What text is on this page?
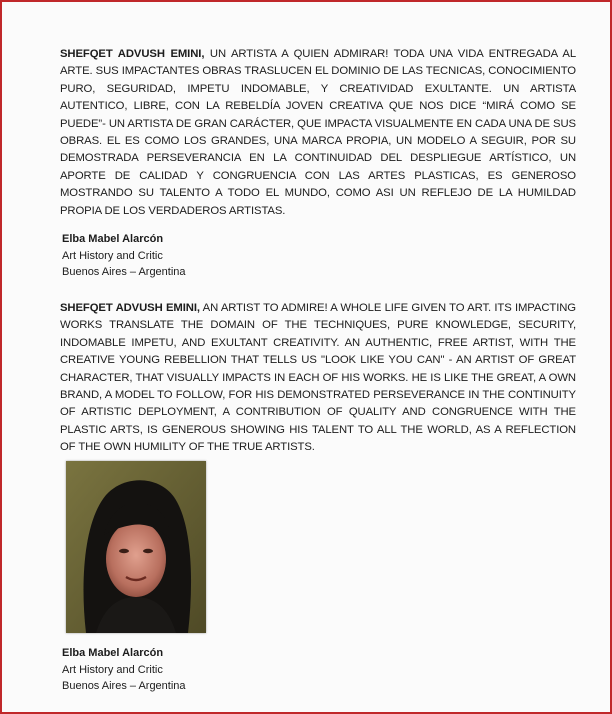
SHEFQET ADVUSH EMINI, UN ARTISTA A QUIEN ADMIRAR! TODA UNA VIDA ENTREGADA AL ARTE. SUS IMPACTANTES OBRAS TRASLUCEN EL DOMINIO DE LAS TECNICAS, CONOCIMIENTO PURO, SEGURIDAD, IMPETU INDOMABLE, Y CREATIVIDAD EXULTANTE. UN ARTISTA AUTENTICO, LIBRE, CON LA REBELDÍA JOVEN CREATIVA QUE NOS DICE “MIRÁ COMO SE PUEDE”- UN ARTISTA DE GRAN CARÁCTER, QUE IMPACTA VISUALMENTE EN CADA UNA DE SUS OBRAS. EL ES COMO LOS GRANDES, UNA MARCA PROPIA, UN MODELO A SEGUIR, POR SU DEMOSTRADA PERSEVERANCIA EN LA CONTINUIDAD DEL DESPLIEGUE ARTÍSTICO, UN APORTE DE CALIDAD Y CONGRUENCIA CON LAS ARTES PLASTICAS, ES GENEROSO MOSTRANDO SU TALENTO A TODO EL MUNDO, COMO ASI UN REFLEJO DE LA HUMILDAD PROPIA DE LOS VERDADEROS ARTISTAS.

Elba Mabel Alarcón
Art History and Critic
Buenos Aires – Argentina

SHEFQET ADVUSH EMINI, AN ARTIST TO ADMIRE! A WHOLE LIFE GIVEN TO ART. ITS IMPACTING WORKS TRANSLATE THE DOMAIN OF THE TECHNIQUES, PURE KNOWLEDGE, SECURITY, INDOMABLE IMPETU, AND EXULTANT CREATIVITY. AN AUTHENTIC, FREE ARTIST, WITH THE CREATIVE YOUNG REBELLION THAT TELLS US "LOOK LIKE YOU CAN" - AN ARTIST OF GREAT CHARACTER, THAT VISUALLY IMPACTS IN EACH OF HIS WORKS. HE IS LIKE THE GREAT, A OWN BRAND, A MODEL TO FOLLOW, FOR HIS DEMONSTRATED PERSEVERANCE IN THE CONTINUITY OF ARTISTIC DEPLOYMENT, A CONTRIBUTION OF QUALITY AND CONGRUENCE WITH THE PLASTIC ARTS, IS GENEROUS SHOWING HIS TALENT TO ALL THE WORLD, AS A REFLECTION OF THE OWN HUMILITY OF THE TRUE ARTISTS.

Elba Mabel Alarcón
Art History and Critic
Buenos Aires – Argentina
